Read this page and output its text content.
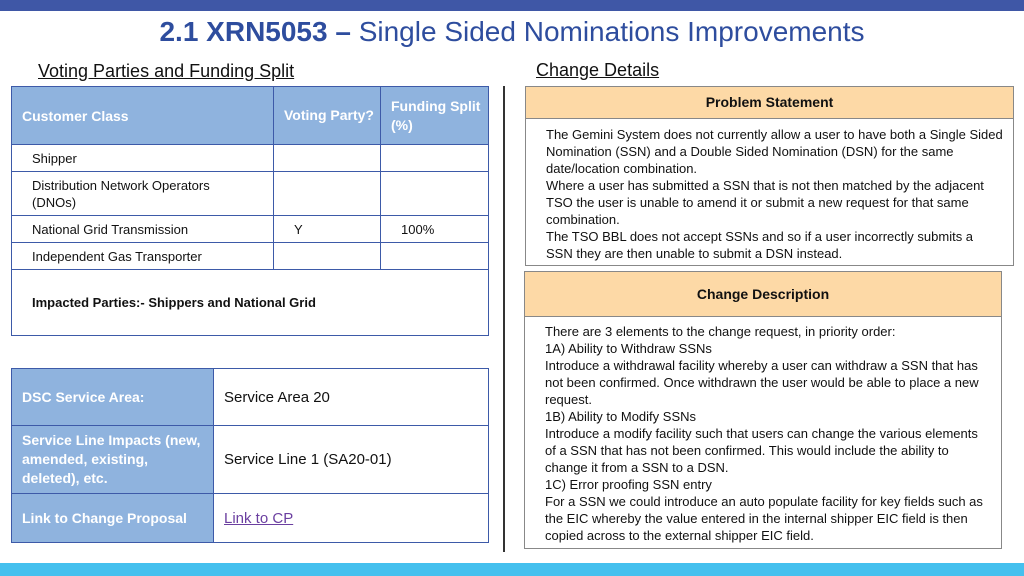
2.1 XRN5053 – Single Sided Nominations Improvements
Voting Parties and Funding Split	Change Details
Customer Class	Voting Party?	Funding Split (%)
Shipper		
Distribution Network Operators (DNOs)		
National Grid Transmission	Y	100%
Independent Gas Transporter		
Impacted Parties:- Shippers and National Grid		
DSC Service Area:	Service Area 20
Service Line Impacts (new, amended, existing, deleted), etc.	Service Line 1 (SA20-01)
Link to Change Proposal	Link to CP
Problem Statement
The Gemini System does not currently allow a user to have both a Single Sided Nomination (SSN) and a Double Sided Nomination (DSN) for the same date/location combination.
Where a user has submitted a SSN that is not then matched by the adjacent TSO the user is unable to amend it or submit a new request for that same combination.
The TSO BBL does not accept SSNs and so if a user incorrectly submits a SSN they are then unable to submit a DSN instead.
Change Description
There are 3 elements to the change request, in priority order:
1A) Ability to Withdraw SSNs
Introduce a withdrawal facility whereby a user can withdraw a SSN that has not been confirmed. Once withdrawn the user would be able to place a new request.
1B) Ability to Modify SSNs
Introduce a modify facility such that users can change the various elements of a SSN that has not been confirmed. This would include the ability to change it from a SSN to a DSN.
1C) Error proofing SSN entry
For a SSN we could introduce an auto populate facility for key fields such as the EIC whereby the value entered in the internal shipper EIC field is then copied across to the external shipper EIC field.
